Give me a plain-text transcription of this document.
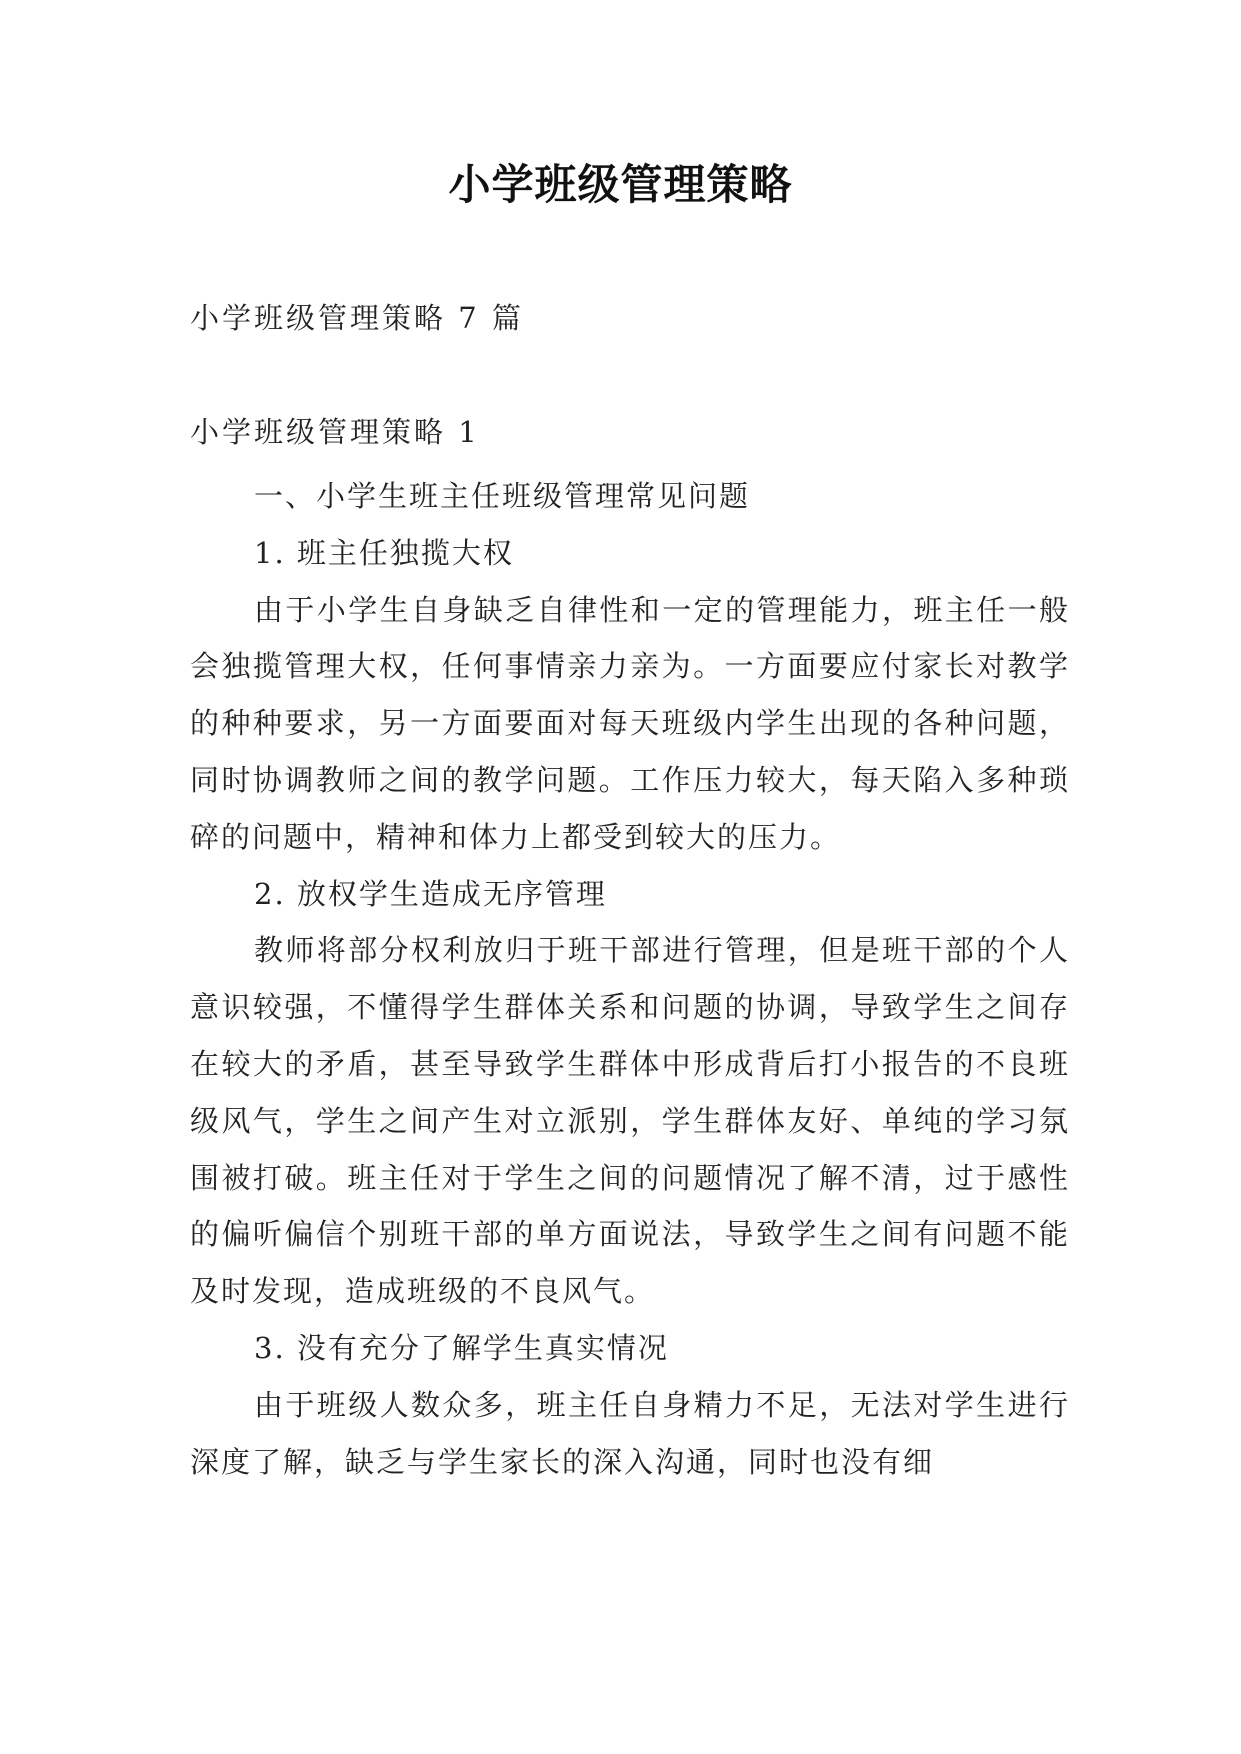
小学班级管理策略
小学班级管理策略 7 篇
小学班级管理策略 1

一、小学生班主任班级管理常见问题

1. 班主任独揽大权

由于小学生自身缺乏自律性和一定的管理能力，班主任一般会独揽管理大权，任何事情亲力亲为。一方面要应付家长对教学的种种要求，另一方面要面对每天班级内学生出现的各种问题，同时协调教师之间的教学问题。工作压力较大，每天陷入多种琐碎的问题中，精神和体力上都受到较大的压力。

2. 放权学生造成无序管理

教师将部分权利放归于班干部进行管理，但是班干部的个人意识较强，不懂得学生群体关系和问题的协调，导致学生之间存在较大的矛盾，甚至导致学生群体中形成背后打小报告的不良班级风气，学生之间产生对立派别，学生群体友好、单纯的学习氛围被打破。班主任对于学生之间的问题情况了解不清，过于感性的偏听偏信个别班干部的单方面说法，导致学生之间有问题不能及时发现，造成班级的不良风气。

3. 没有充分了解学生真实情况

由于班级人数众多，班主任自身精力不足，无法对学生进行深度了解，缺乏与学生家长的深入沟通，同时也没有细
